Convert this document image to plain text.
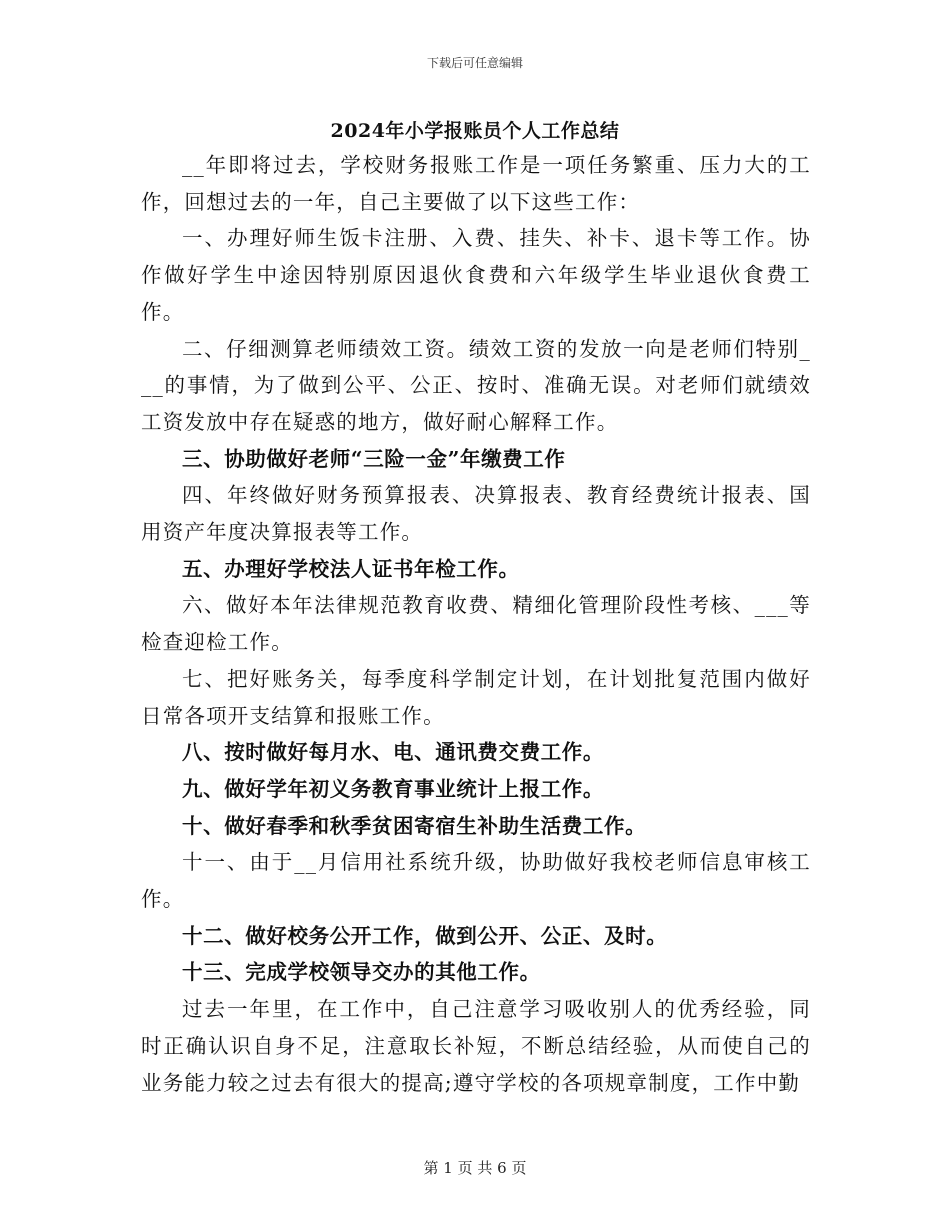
下载后可任意编辑
2024年小学报账员个人工作总结

__年即将过去，学校财务报账工作是一项任务繁重、压力大的工作，回想过去的一年，自己主要做了以下这些工作：

一、办理好师生饭卡注册、入费、挂失、补卡、退卡等工作。协作做好学生中途因特别原因退伙食费和六年级学生毕业退伙食费工作。

二、仔细测算老师绩效工资。绩效工资的发放一向是老师们特别___的事情，为了做到公平、公正、按时、准确无误。对老师们就绩效工资发放中存在疑惑的地方，做好耐心解释工作。

三、协助做好老师“三险一金”年缴费工作

四、年终做好财务预算报表、决算报表、教育经费统计报表、国用资产年度决算报表等工作。

五、办理好学校法人证书年检工作。

六、做好本年法律规范教育收费、精细化管理阶段性考核、___等检查迎检工作。

七、把好账务关，每季度科学制定计划，在计划批复范围内做好日常各项开支结算和报账工作。

八、按时做好每月水、电、通讯费交费工作。

九、做好学年初义务教育事业统计上报工作。

十、做好春季和秋季贫困寄宿生补助生活费工作。

十一、由于__月信用社系统升级，协助做好我校老师信息审核工作。

十二、做好校务公开工作，做到公开、公正、及时。

十三、完成学校领导交办的其他工作。

过去一年里，在工作中，自己注意学习吸收别人的优秀经验，同时正确认识自身不足，注意取长补短，不断总结经验，从而使自己的业务能力较之过去有很大的提高;遵守学校的各项规章制度，工作中勤

第 1 页 共 6 页
